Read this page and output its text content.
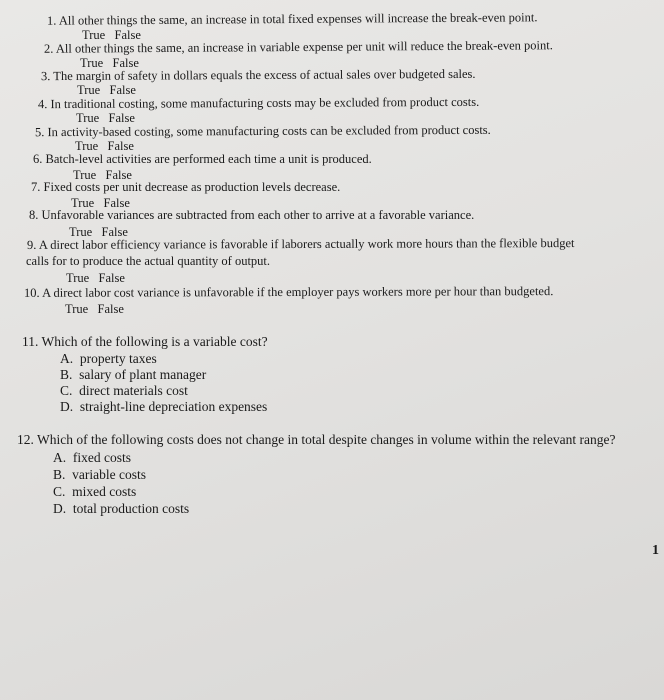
1. All other things the same, an increase in total fixed expenses will increase the break-even point.
True   False
2. All other things the same, an increase in variable expense per unit will reduce the break-even point.
True   False
3. The margin of safety in dollars equals the excess of actual sales over budgeted sales.
True   False
4. In traditional costing, some manufacturing costs may be excluded from product costs.
True   False
5. In activity-based costing, some manufacturing costs can be excluded from product costs.
True   False
6. Batch-level activities are performed each time a unit is produced.
True   False
7. Fixed costs per unit decrease as production levels decrease.
True   False
8. Unfavorable variances are subtracted from each other to arrive at a favorable variance.
True   False
9. A direct labor efficiency variance is favorable if laborers actually work more hours than the flexible budget
calls for to produce the actual quantity of output.
True   False
10. A direct labor cost variance is unfavorable if the employer pays workers more per hour than budgeted.
True   False
11. Which of the following is a variable cost?
A.  property taxes
B.  salary of plant manager
C.  direct materials cost
D.  straight-line depreciation expenses
12. Which of the following costs does not change in total despite changes in volume within the relevant range?
A.  fixed costs
B.  variable costs
C.  mixed costs
D.  total production costs
1
